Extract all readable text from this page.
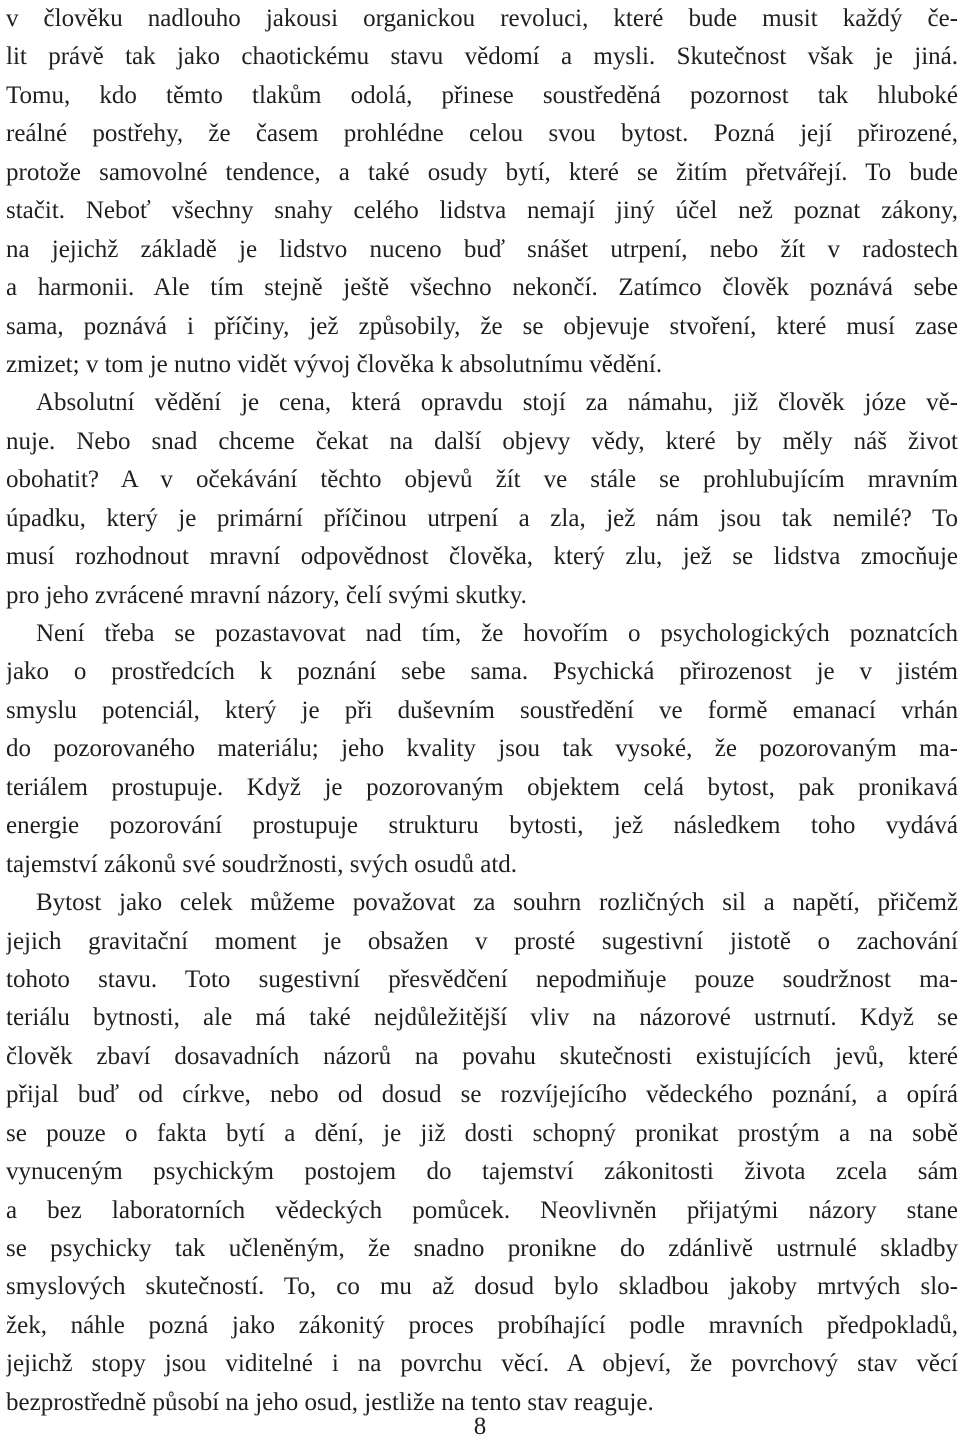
v člověku nadlouho jakousi organickou revoluci, které bude musit každý če-
lit právě tak jako chaotickému stavu vědomí a mysli. Skutečnost však je jiná.
Tomu, kdo těmto tlakům odolá, přinese soustředěná pozornost tak hluboké
reálné postřehy, že časem prohlédne celou svou bytost. Pozná její přirozené,
protože samovolné tendence, a také osudy bytí, které se žitím přetvářejí. To bude
stačit. Neboť všechny snahy celého lidstva nemají jiný účel než poznat zákony,
na jejichž základě je lidstvo nuceno buď snášet utrpení, nebo žít v radostech
a harmonii. Ale tím stejně ještě všechno nekončí. Zatímco člověk poznává sebe
sama, poznává i příčiny, jež způsobily, že se objevuje stvoření, které musí zase
zmizet; v tom je nutno vidět vývoj člověka k absolutnímu vědění.
Absolutní vědění je cena, která opravdu stojí za námahu, již člověk józe vě-
nuje. Nebo snad chceme čekat na další objevy vědy, které by měly náš život
obohatit? A v očekávání těchto objevů žít ve stále se prohlubujícím mravním
úpadku, který je primární příčinou utrpení a zla, jež nám jsou tak nemilé? To
musí rozhodnout mravní odpovědnost člověka, který zlu, jež se lidstva zmocňuje
pro jeho zvrácené mravní názory, čelí svými skutky.
Není třeba se pozastavovat nad tím, že hovořím o psychologických poznatcích
jako o prostředcích k poznání sebe sama. Psychická přirozenost je v jistém
smyslu potenciál, který je při duševním soustředění ve formě emanací vrhán
do pozorovaného materiálu; jeho kvality jsou tak vysoké, že pozorovaným ma-
teriálem prostupuje. Když je pozorovaným objektem celá bytost, pak pronikavá
energie pozorování prostupuje strukturu bytosti, jež následkem toho vydává
tajemství zákonů své soudržnosti, svých osudů atd.
Bytost jako celek můžeme považovat za souhrn rozličných sil a napětí, přičemž
jejich gravitační moment je obsažen v prosté sugestivní jistotě o zachování
tohoto stavu. Toto sugestivní přesvědčení nepodmiňuje pouze soudržnost ma-
teriálu bytnosti, ale má také nejdůležitější vliv na názorové ustrnutí. Když se
člověk zbaví dosavadních názorů na povahu skutečnosti existujících jevů, které
přijal buď od církve, nebo od dosud se rozvíjejícího vědeckého poznání, a opírá
se pouze o fakta bytí a dění, je již dosti schopný pronikat prostým a na sobě
vynuceným psychickým postojem do tajemství zákonitosti života zcela sám
a bez laboratorních vědeckých pomůcek. Neovlivněn přijatými názory stane
se psychicky tak učleněným, že snadno pronikne do zdánlivě ustrnulé skladby
smyslových skutečností. To, co mu až dosud bylo skladbou jakoby mrtvých slo-
žek, náhle pozná jako zákonitý proces probíhající podle mravních předpokladů,
jejichž stopy jsou viditelné i na povrchu věcí. A objeví, že povrchový stav věcí
bezprostředně působí na jeho osud, jestliže na tento stav reaguje.
8
